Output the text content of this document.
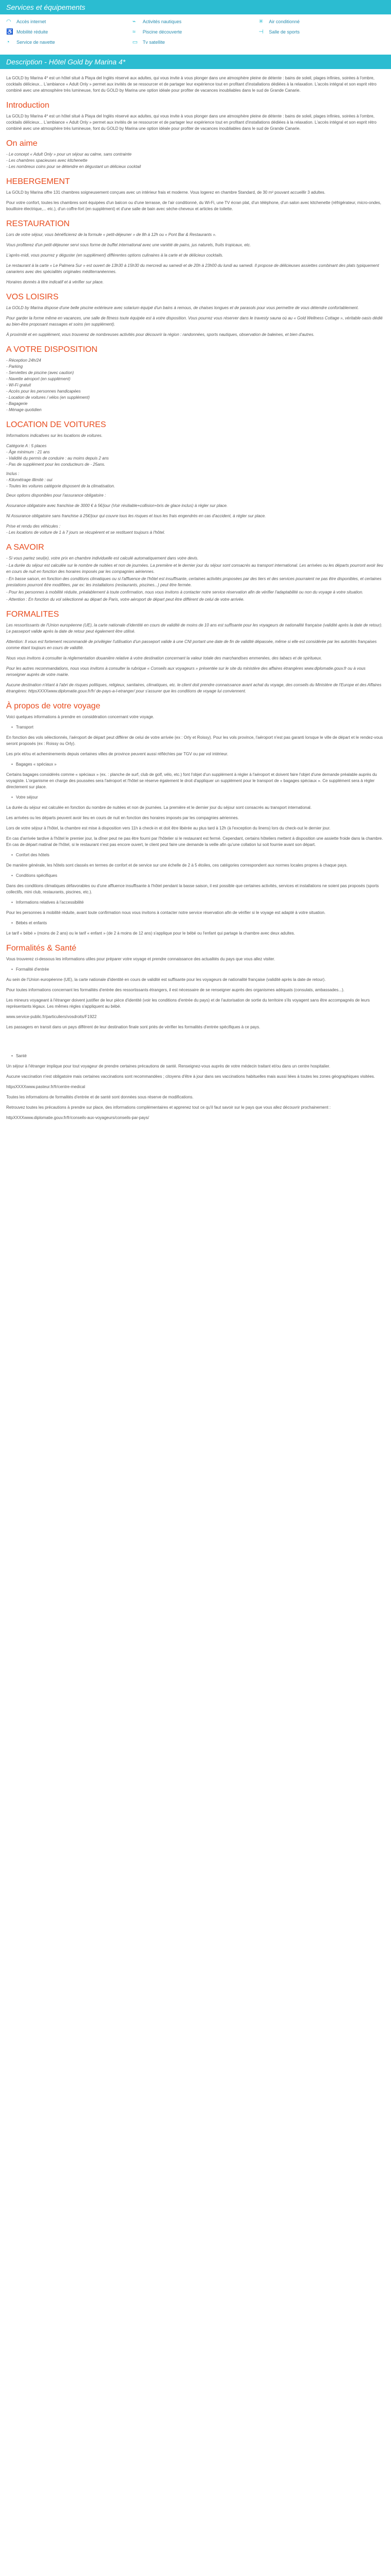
Services et équipements
◠ Accès internet	⌁	Activités nautiques	✳	Air conditionné
♿ Mobilité réduite	≈	Piscine découverte	⊣ Salle de sports
◔	Service de navette	▭ Tv satellite
Description - Hôtel Gold by Marina 4*

La GOLD by Marina 4* est un hôtel situé à Playa del Inglés réservé aux adultes, qui vous invite à vous plonger dans une atmosphère pleine de détente : bains de soleil, plages infinies, soirées à l'ombre, cocktails délicieux... L'ambiance « Adult Only » permet aux invités de se ressourcer et de partager leur expérience tout en profitant d'installations dédiées à la relaxation. L'accès intégral et son esprit rétro combiné avec une atmosphère très lumineuse, font du GOLD by Marina une option idéale pour profiter de vacances inoubliables dans le sud de Grande Canarie.

Introduction

La GOLD by Marina 4* est un hôtel situé à Playa del Inglés réservé aux adultes, qui vous invite à vous plonger dans une atmosphère pleine de détente : bains de soleil, plages infinies, soirées à l'ombre, cocktails délicieux... L'ambiance « Adult Only » permet aux invités de se ressourcer et de partager leur expérience tout en profitant d'installations dédiées à la relaxation. L'accès intégral et son esprit rétro combiné avec une atmosphère très lumineuse, font du GOLD by Marina une option idéale pour profiter de vacances inoubliables dans le sud de Grande Canarie.

On aime
- Le concept « Adult Only » pour un séjour au calme, sans contrainte
- Les chambres spacieuses avec kitchenette
- Les nombreux coins pour se détendre en dégustant un délicieux cocktail
HEBERGEMENT

La GOLD by Marina offre 131 chambres soigneusement conçues avec un intérieur frais et moderne. Vous logerez en chambre Standard, de 30 m² pouvant accueillir 3 adultes.

Pour votre confort, toutes les chambres sont équipées d'un balcon ou d'une terrasse, de l'air conditionné, du Wi-Fi, une TV écran plat, d'un téléphone, d'un salon avec kitchenette (réfrigérateur, micro-ondes, bouilloire électrique,... etc.), d'un coffre-fort (en supplément) et d'une salle de bain avec sèche-cheveux et articles de toilette.

RESTAURATION

Lors de votre séjour, vous bénéficierez de la formule « petit-déjeuner » de 8h à 12h ou « Pont Bar & Restaurants ».

Vous profiterez d'un petit-déjeuner servi sous forme de buffet international avec une variété de pains, jus naturels, fruits tropicaux, etc.

L'après-midi, vous pourrez y déguster (en supplément) différentes options culinaires à la carte et de délicieux cocktails.

Le restaurant à la carte « Le Palmera Sur » est ouvert de 13h30 à 15h30 du mercredi au samedi et de 20h à 23h00 du lundi au samedi. Il propose de délicieuses assiettes combinant des plats typiquement canariens avec des spécialités originales méditerranéennes.

Horaires donnés à titre indicatif et à vérifier sur place.

VOS LOISIRS

La GOLD by Marina dispose d'une belle piscine extérieure avec solarium équipé d'un bains à remous, de chaises longues et de parasols pour vous permettre de vous détendre confortablement.

Pour garder la forme même en vacances, une salle de fitness toute équipée est à votre disposition. Vous pourrez vous réserver dans le travesty sauna où au « Gold Wellness Cottage », véritable oasis dédié au bien-être proposant massages et soins (en supplément).

À proximité et en supplément, vous trouverez de nombreuses activités pour découvrir la région : randonnées, sports nautiques, observation de baleines, et bien d'autres.

A VOTRE DISPOSITION
- Réception 24h/24
- Parking
- Serviettes de piscine (avec caution)
- Navette aéroport (en supplément)
- Wi-Fi gratuit
- Accès pour les personnes handicapées
- Location de voitures / vélos (en supplément)
- Bagagerie
- Ménage quotidien
LOCATION DE VOITURES

Informations indicatives sur les locations de voitures.

Catégorie A : 5 places
- Âge minimum : 21 ans
- Validité du permis de conduire : au moins depuis 2 ans
- Pas de supplément pour les conducteurs de - 25ans.
Inclus :
- Kilométrage illimité : oui
- Toutes les voitures catégorie disposent de la climatisation.

Deux options disponibles pour l'assurance obligatoire :

Assurance obligatoire avec franchise de 3000 € à 5€/jour (Voir résiliable+collision+bris de glace inclus) à régler sur place.

Ni Assurance obligatoire sans franchise à 25€/jour qui couvre tous les risques et tous les frais engendrés en cas d'accident, à régler sur place.

Prise et rendu des véhicules :

- Les locations de voiture de 1 à 7 jours se récupèrent et se restituent toujours à l'hôtel.

A SAVOIR

- Si vous partez seul(e), votre prix en chambre individuelle est calculé automatiquement dans votre devis.

- La durée du séjour est calculée sur le nombre de nuitées et non de journées. La première et le dernier jour du séjour sont consacrés au transport international. Les arrivées ou les départs pourront avoir lieu en cours de nuit en fonction des horaires imposés par les compagnies aériennes.

- En basse saison, en fonction des conditions climatiques ou si l'affluence de l'hôtel est insuffisante, certaines activités proposées par des tiers et des services pourraient ne pas être disponibles, et certaines prestations pourront être modifiées, par ex: les installations (restaurants, piscines...) peut être fermée.

- Pour les personnes à mobilité réduite, préalablement à toute confirmation, nous vous invitons à contacter notre service réservation afin de vérifier l'adaptabilité ou non du voyage à votre situation.

- Attention : En fonction du vol sélectionné au départ de Paris, votre aéroport de départ peut être différent de celui de votre arrivée.

FORMALITES

Les ressortissants de l'Union européenne (UE), la carte nationale d'identité en cours de validité de moins de 10 ans est suffisante pour les voyageurs de nationalité française (validité après la date de retour). Le passeport valide après la date de retour peut également être utilisé.

Attention: Il vous est fortement recommandé de privilégier l'utilisation d'un passeport valide à une CNI portant une date de fin de validité dépassée, même si elle est considérée par les autorités françaises comme étant toujours en cours de validité.

Nous vous invitons à consulter la réglementation douanière relative à votre destination concernant la valeur totale des marchandises emmenées, des tabacs et de spiritueux.

Pour les autres recommandations, nous vous invitons à consulter la rubrique « Conseils aux voyageurs » présentée sur le site du ministère des affaires étrangères www.diplomatie.gouv.fr ou à vous renseigner auprès de votre mairie.

Aucune destination n'étant à l'abri de risques politiques, religieux, sanitaires, climatiques, etc. le client doit prendre connaissance avant achat du voyage, des conseils du Ministère de l'Europe et des Affaires étrangères: httpsXXXXwww.diplomatie.gouv.fr/fr/ de-pays-a-l-etranger/ pour s'assurer que les conditions de voyage lui conviennent.

À propos de votre voyage

Voici quelques informations à prendre en considération concernant votre voyage.

• Transport

En fonction des vols sélectionnés, l'aéroport de départ peut différer de celui de votre arrivée (ex : Orly et Roissy). Pour les vols province, l'aéroport n'est pas garanti lorsque le ville de départ et le rendez-vous seront proposés (ex : Roissy ou Orly).

Les prix et/ou et acheminements depuis certaines villes de province peuvent aussi réfléchies par TGV ou par vol intérieur.

• Bagages « spéciaux »

Certains bagages considérés comme « spéciaux » (ex. : planche de surf, club de golf, vélo, etc.) font l'objet d'un supplément à régler à l'aéroport et doivent faire l'objet d'une demande préalable auprès du voyagiste. L'organisme en charge des poussées sera l'aéroport et l'hôtel se réserve également le droit d'appliquer un supplément pour le transport de « bagages spéciaux ». Ce supplément sera à régler directement sur place.

• Votre séjour

La durée du séjour est calculée en fonction du nombre de nuitées et non de journées. La première et le dernier jour du séjour sont consacrés au transport international.

Les arrivées ou les départs peuvent avoir lieu en cours de nuit en fonction des horaires imposés par les compagnies aériennes.

Lors de votre séjour à l'hôtel, la chambre est mise à disposition vers 11h à check-in et doit être libérée au plus tard à 12h (à l'exception du linens) lors du check-out le dernier jour.

En cas d'arrivée tardive à l'hôtel le premier jour, la dîner peut ne pas être fourni par l'hôtelier si le restaurant est fermé. Cependant, certains hôteliers mettent à disposition une assiette froide dans la chambre. En cas de départ matinal de l'hôtel, si le restaurant n'est pas encore ouvert, le client peut faire une demande la veille afin qu'une collation lui soit fournie avant son départ.

• Confort des hôtels

De manière générale, les hôtels sont classés en termes de confort et de service sur une échelle de 2 à 5 étoiles, ces catégories correspondent aux normes locales propres à chaque pays.

• Conditions spécifiques

Dans des conditions climatiques défavorables ou d'une affluence insuffisante à l'hôtel pendant la basse saison, il est possible que certaines activités, services et installations ne soient pas proposés (sports collectifs, mini club, restaurants, piscines, etc.).

• Informations relatives à l'accessibilité

Pour les personnes à mobilité réduite, avant toute confirmation nous vous invitons à contacter notre service réservation afin de vérifier si le voyage est adapté à votre situation.

• Bébés et enfants

Le tarif « bébé » (moins de 2 ans) ou le tarif « enfant » (de 2 à moins de 12 ans) s'applique pour le bébé ou l'enfant qui partage la chambre avec deux adultes.

Formalités & Santé

Vous trouverez ci-dessous les informations utiles pour préparer votre voyage et prendre connaissance des actualités du pays que vous allez visiter.

• Formalité d'entrée

Au sein de l'Union européenne (UE), la carte nationale d'identité en cours de validité est suffisante pour les voyageurs de nationalité française (validité après la date de retour).

Pour toutes informations concernant les formalités d'entrée des ressortissants étrangers, il est nécessaire de se renseigner auprès des organismes adéquats (consulats, ambassades...).

Les mineurs voyageant à l'étranger doivent justifier de leur pièce d'identité (voir les conditions d'entrée du pays) et de l'autorisation de sortie du territoire s'ils voyagent sans être accompagnés de leurs représentants légaux. Les mêmes règles s'appliquent au bébé.

www.service-public.fr/particuliers/vosdroits/F1922

Les passagers en transit dans un pays différent de leur destination finale sont priés de vérifier les formalités d'entrée spécifiques à ce pays.

• Santé

Un séjour à l'étranger implique pour tout voyageur de prendre certaines précautions de santé. Renseignez-vous auprès de votre médecin traitant et/ou dans un centre hospitalier.

Aucune vaccination n'est obligatoire mais certaines vaccinations sont recommandées ; citoyens d'être à jour dans ses vaccinations habituelles mais aussi liées à toutes les zones géographiques visitées.

httpsXXXXwww.pasteur.fr/fr/centre-medical

Toutes les informations de formalités d'entrée et de santé sont données sous réserve de modifications.

Retrouvez toutes les précautions à prendre sur place, des informations complémentaires et apprenez tout ce qu'il faut savoir sur le pays que vous allez découvrir prochainement :

httpXXXXwww.diplomatie.gouv.fr/fr/conseils-aux-voyageurs/conseils-par-pays/
